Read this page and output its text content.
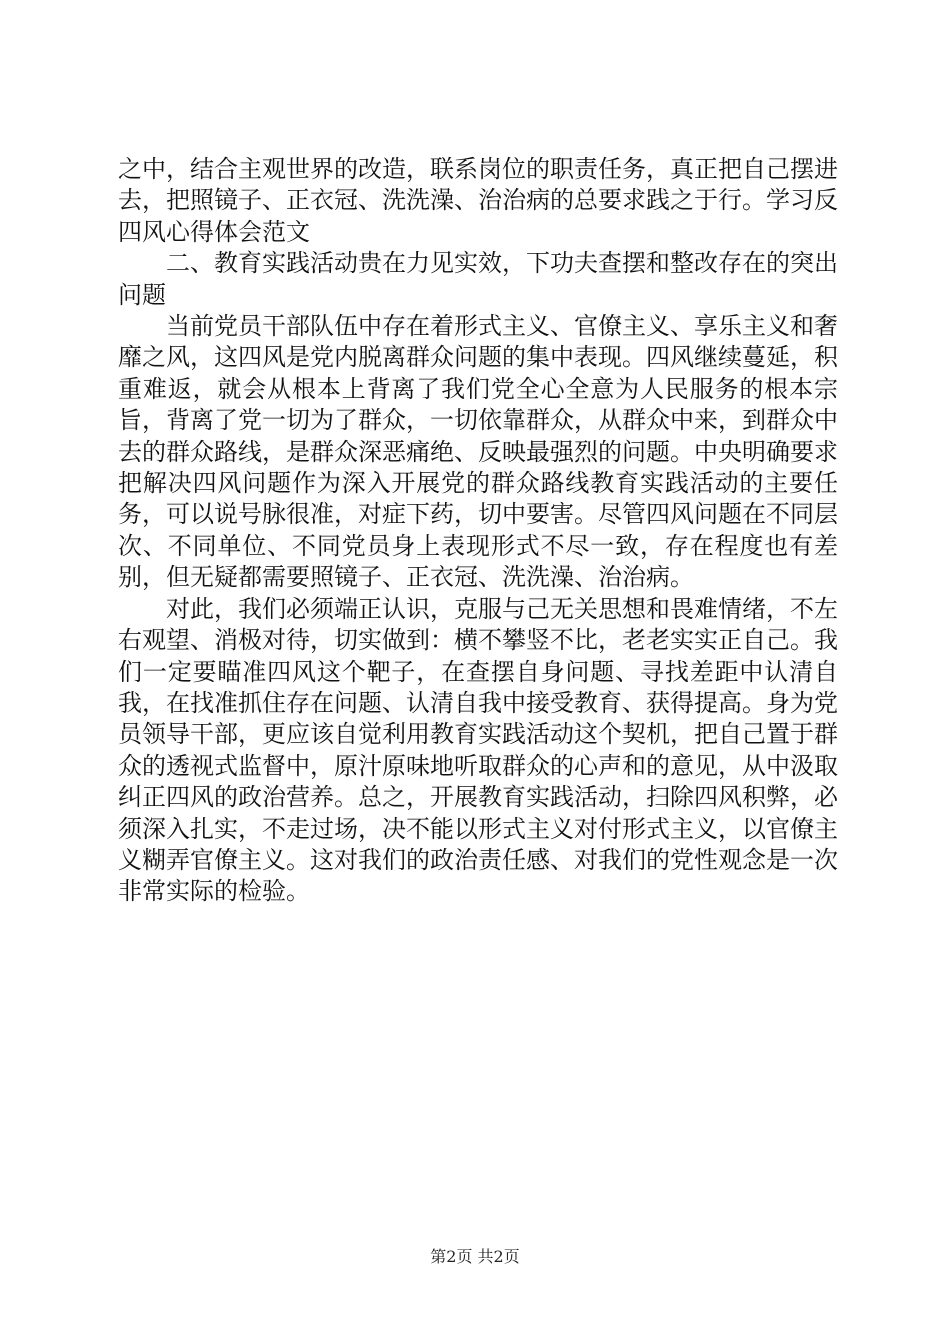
之中，结合主观世界的改造，联系岗位的职责任务，真正把自己摆进去，把照镜子、正衣冠、洗洗澡、治治病的总要求践之于行。学习反四风心得体会范文

二、教育实践活动贵在力见实效，下功夫查摆和整改存在的突出问题

当前党员干部队伍中存在着形式主义、官僚主义、享乐主义和奢靡之风，这四风是党内脱离群众问题的集中表现。四风继续蔓延，积重难返，就会从根本上背离了我们党全心全意为人民服务的根本宗旨，背离了党一切为了群众，一切依靠群众，从群众中来，到群众中去的群众路线，是群众深恶痛绝、反映最强烈的问题。中央明确要求把解决四风问题作为深入开展党的群众路线教育实践活动的主要任务，可以说号脉很准，对症下药，切中要害。尽管四风问题在不同层次、不同单位、不同党员身上表现形式不尽一致，存在程度也有差别，但无疑都需要照镜子、正衣冠、洗洗澡、治治病。

对此，我们必须端正认识，克服与己无关思想和畏难情绪，不左右观望、消极对待，切实做到：横不攀竖不比，老老实实正自己。我们一定要瞄准四风这个靶子，在查摆自身问题、寻找差距中认清自我，在找准抓住存在问题、认清自我中接受教育、获得提高。身为党员领导干部，更应该自觉利用教育实践活动这个契机，把自己置于群众的透视式监督中，原汁原味地听取群众的心声和的意见，从中汲取纠正四风的政治营养。总之，开展教育实践活动，扫除四风积弊，必须深入扎实，不走过场，决不能以形式主义对付形式主义，以官僚主义糊弄官僚主义。这对我们的政治责任感、对我们的党性观念是一次非常实际的检验。

第2页 共2页
